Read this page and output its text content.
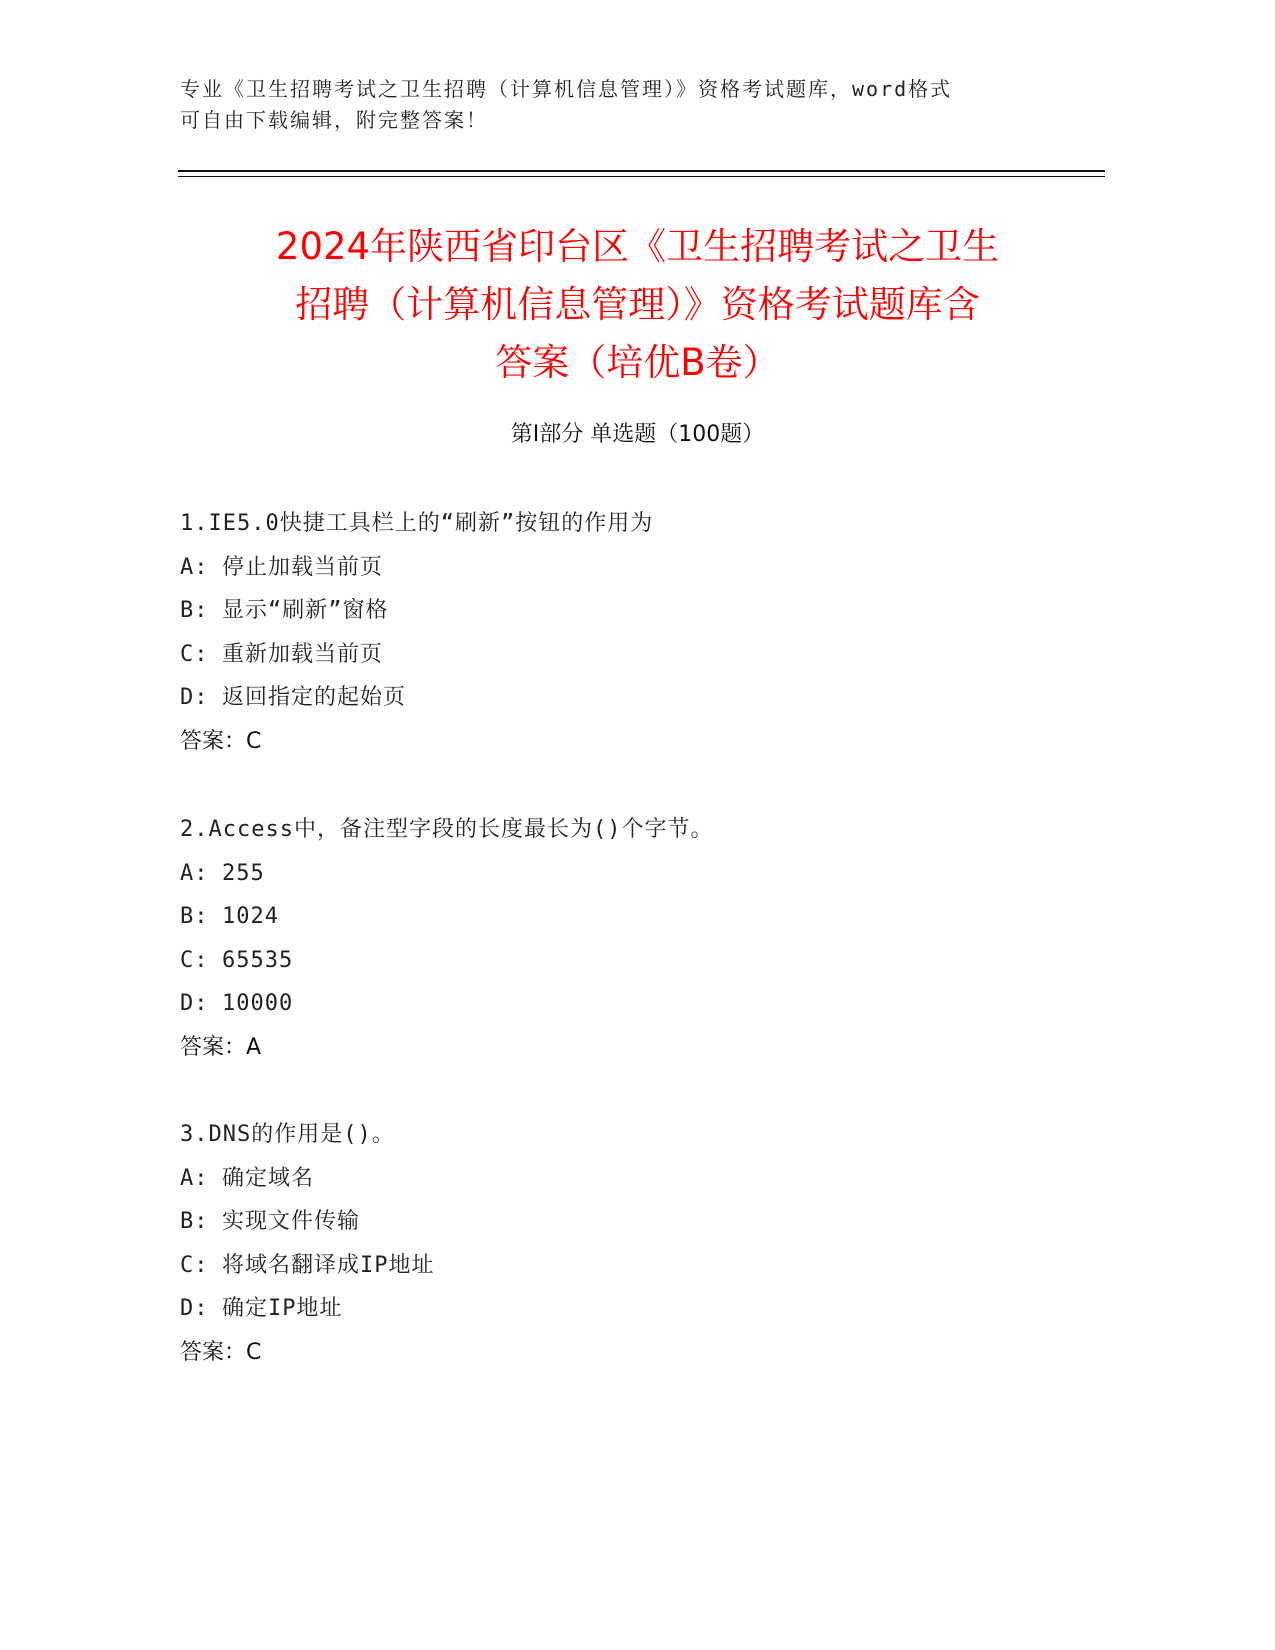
专业《卫生招聘考试之卫生招聘（计算机信息管理）》资格考试题库，word格式
可自由下载编辑，附完整答案！
2024年陕西省印台区《卫生招聘考试之卫生
招聘（计算机信息管理）》资格考试题库含
答案（培优B卷）
第Ⅰ部分 单选题（100题）
1.IE5.0快捷工具栏上的“刷新”按钮的作用为
A: 停止加载当前页
B: 显示“刷新”窗格
C: 重新加载当前页
D: 返回指定的起始页
答案：C
2.Access中，备注型字段的长度最长为()个字节。
A: 255
B: 1024
C: 65535
D: 10000
答案：A
3.DNS的作用是()。
A: 确定域名
B: 实现文件传输
C: 将域名翻译成IP地址
D: 确定IP地址
答案：C
